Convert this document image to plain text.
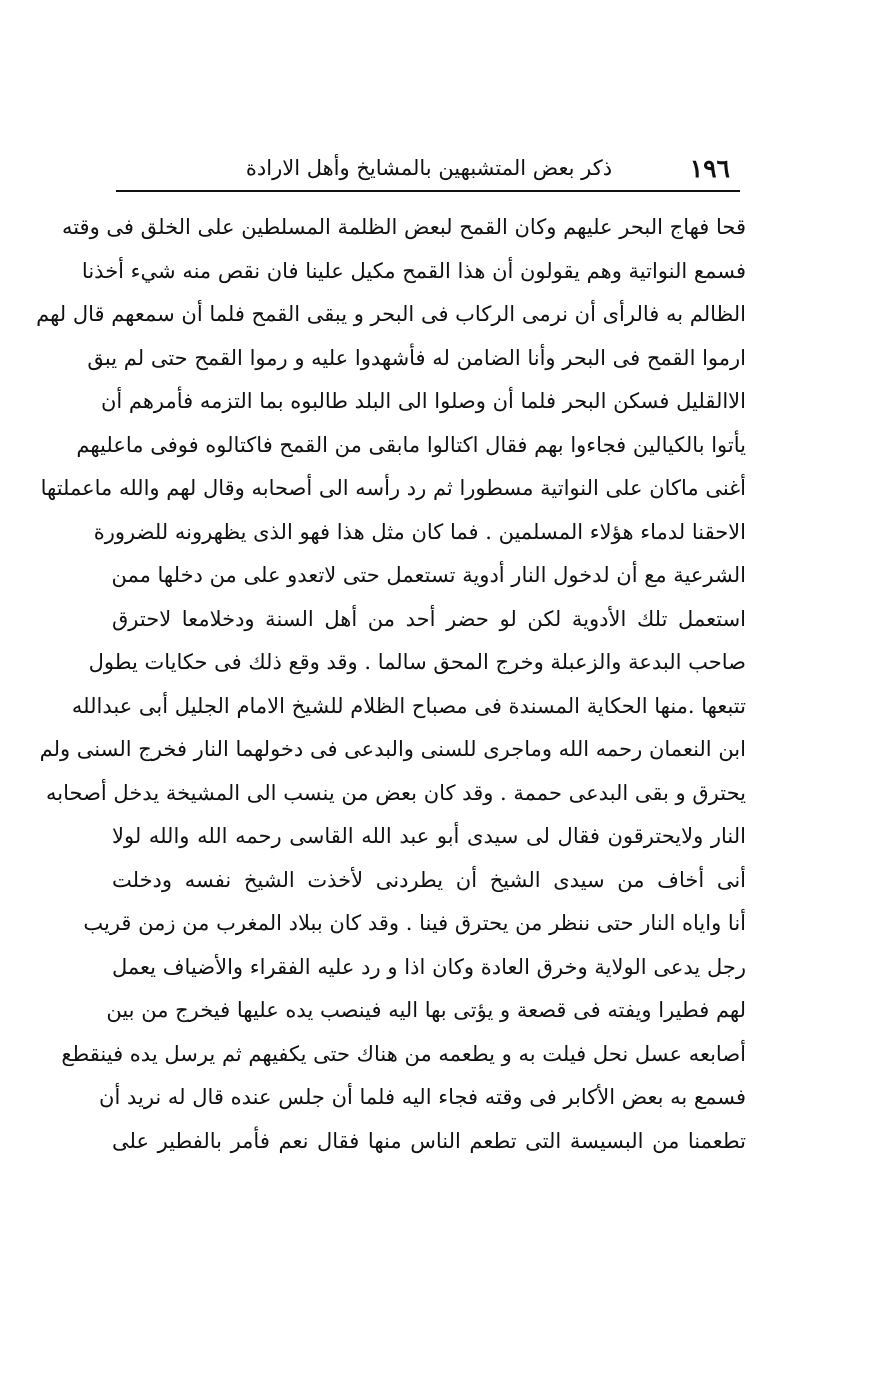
١٩٦
ذكر بعض المتشبهين بالمشايخ وأهل الارادة
قحا فهاج البحر عليهم وكان القمح لبعض الظلمة المسلطين على الخلق فى وقته
فسمع النواتية وهم يقولون أن هذا القمح مكيل علينا فان نقص منه شيء أخذنا
الظالم به فالرأى أن نرمى الركاب فى البحر و يبقى القمح فلما أن سمعهم قال لهم
ارموا القمح فى البحر وأنا الضامن له فأشهدوا عليه و رموا القمح حتى لم يبق
الاالقليل فسكن البحر فلما أن وصلوا الى البلد طالبوه بما التزمه فأمرهم أن
يأتوا بالكيالين فجاءوا بهم فقال اكتالوا مابقى من القمح فاكتالوه فوفى ماعليهم
أغنى ماكان على النواتية مسطورا ثم رد رأسه الى أصحابه وقال لهم والله ماعملتها
الاحقنا لدماء هؤلاء المسلمين . فما كان مثل هذا فهو الذى يظهرونه للضرورة
الشرعية مع أن لدخول النار أدوية تستعمل حتى لاتعدو على من دخلها ممن
استعمل تلك الأدوية لكن لو حضر أحد من أهل السنة ودخلامعا لاحترق
صاحب البدعة والزعبلة وخرج المحق سالما . وقد وقع ذلك فى حكايات يطول
تتبعها .منها الحكاية المسندة فى مصباح الظلام للشيخ الامام الجليل أبى عبدالله
ابن النعمان رحمه الله وماجرى للسنى والبدعى فى دخولهما النار فخرج السنى ولم
يحترق و بقى البدعى حممة . وقد كان بعض من ينسب الى المشيخة يدخل أصحابه
النار ولايحترقون فقال لى سيدى أبو عبد الله القاسى رحمه الله والله لولا
أنى أخاف من سيدى الشيخ أن يطردنى لأخذت الشيخ نفسه ودخلت
أنا واياه النار حتى ننظر من يحترق فينا . وقد كان ببلاد المغرب من زمن قريب
رجل يدعى الولاية وخرق العادة وكان اذا و رد عليه الفقراء والأضياف يعمل
لهم فطيرا ويفته فى قصعة و يؤتى بها اليه فينصب يده عليها فيخرج من بين
أصابعه عسل نحل فيلت به و يطعمه من هناك حتى يكفيهم ثم يرسل يده فينقطع
فسمع به بعض الأكابر فى وقته فجاء اليه فلما أن جلس عنده قال له نريد أن
تطعمنا من البسيسة التى تطعم الناس منها فقال نعم فأمر بالفطير على
